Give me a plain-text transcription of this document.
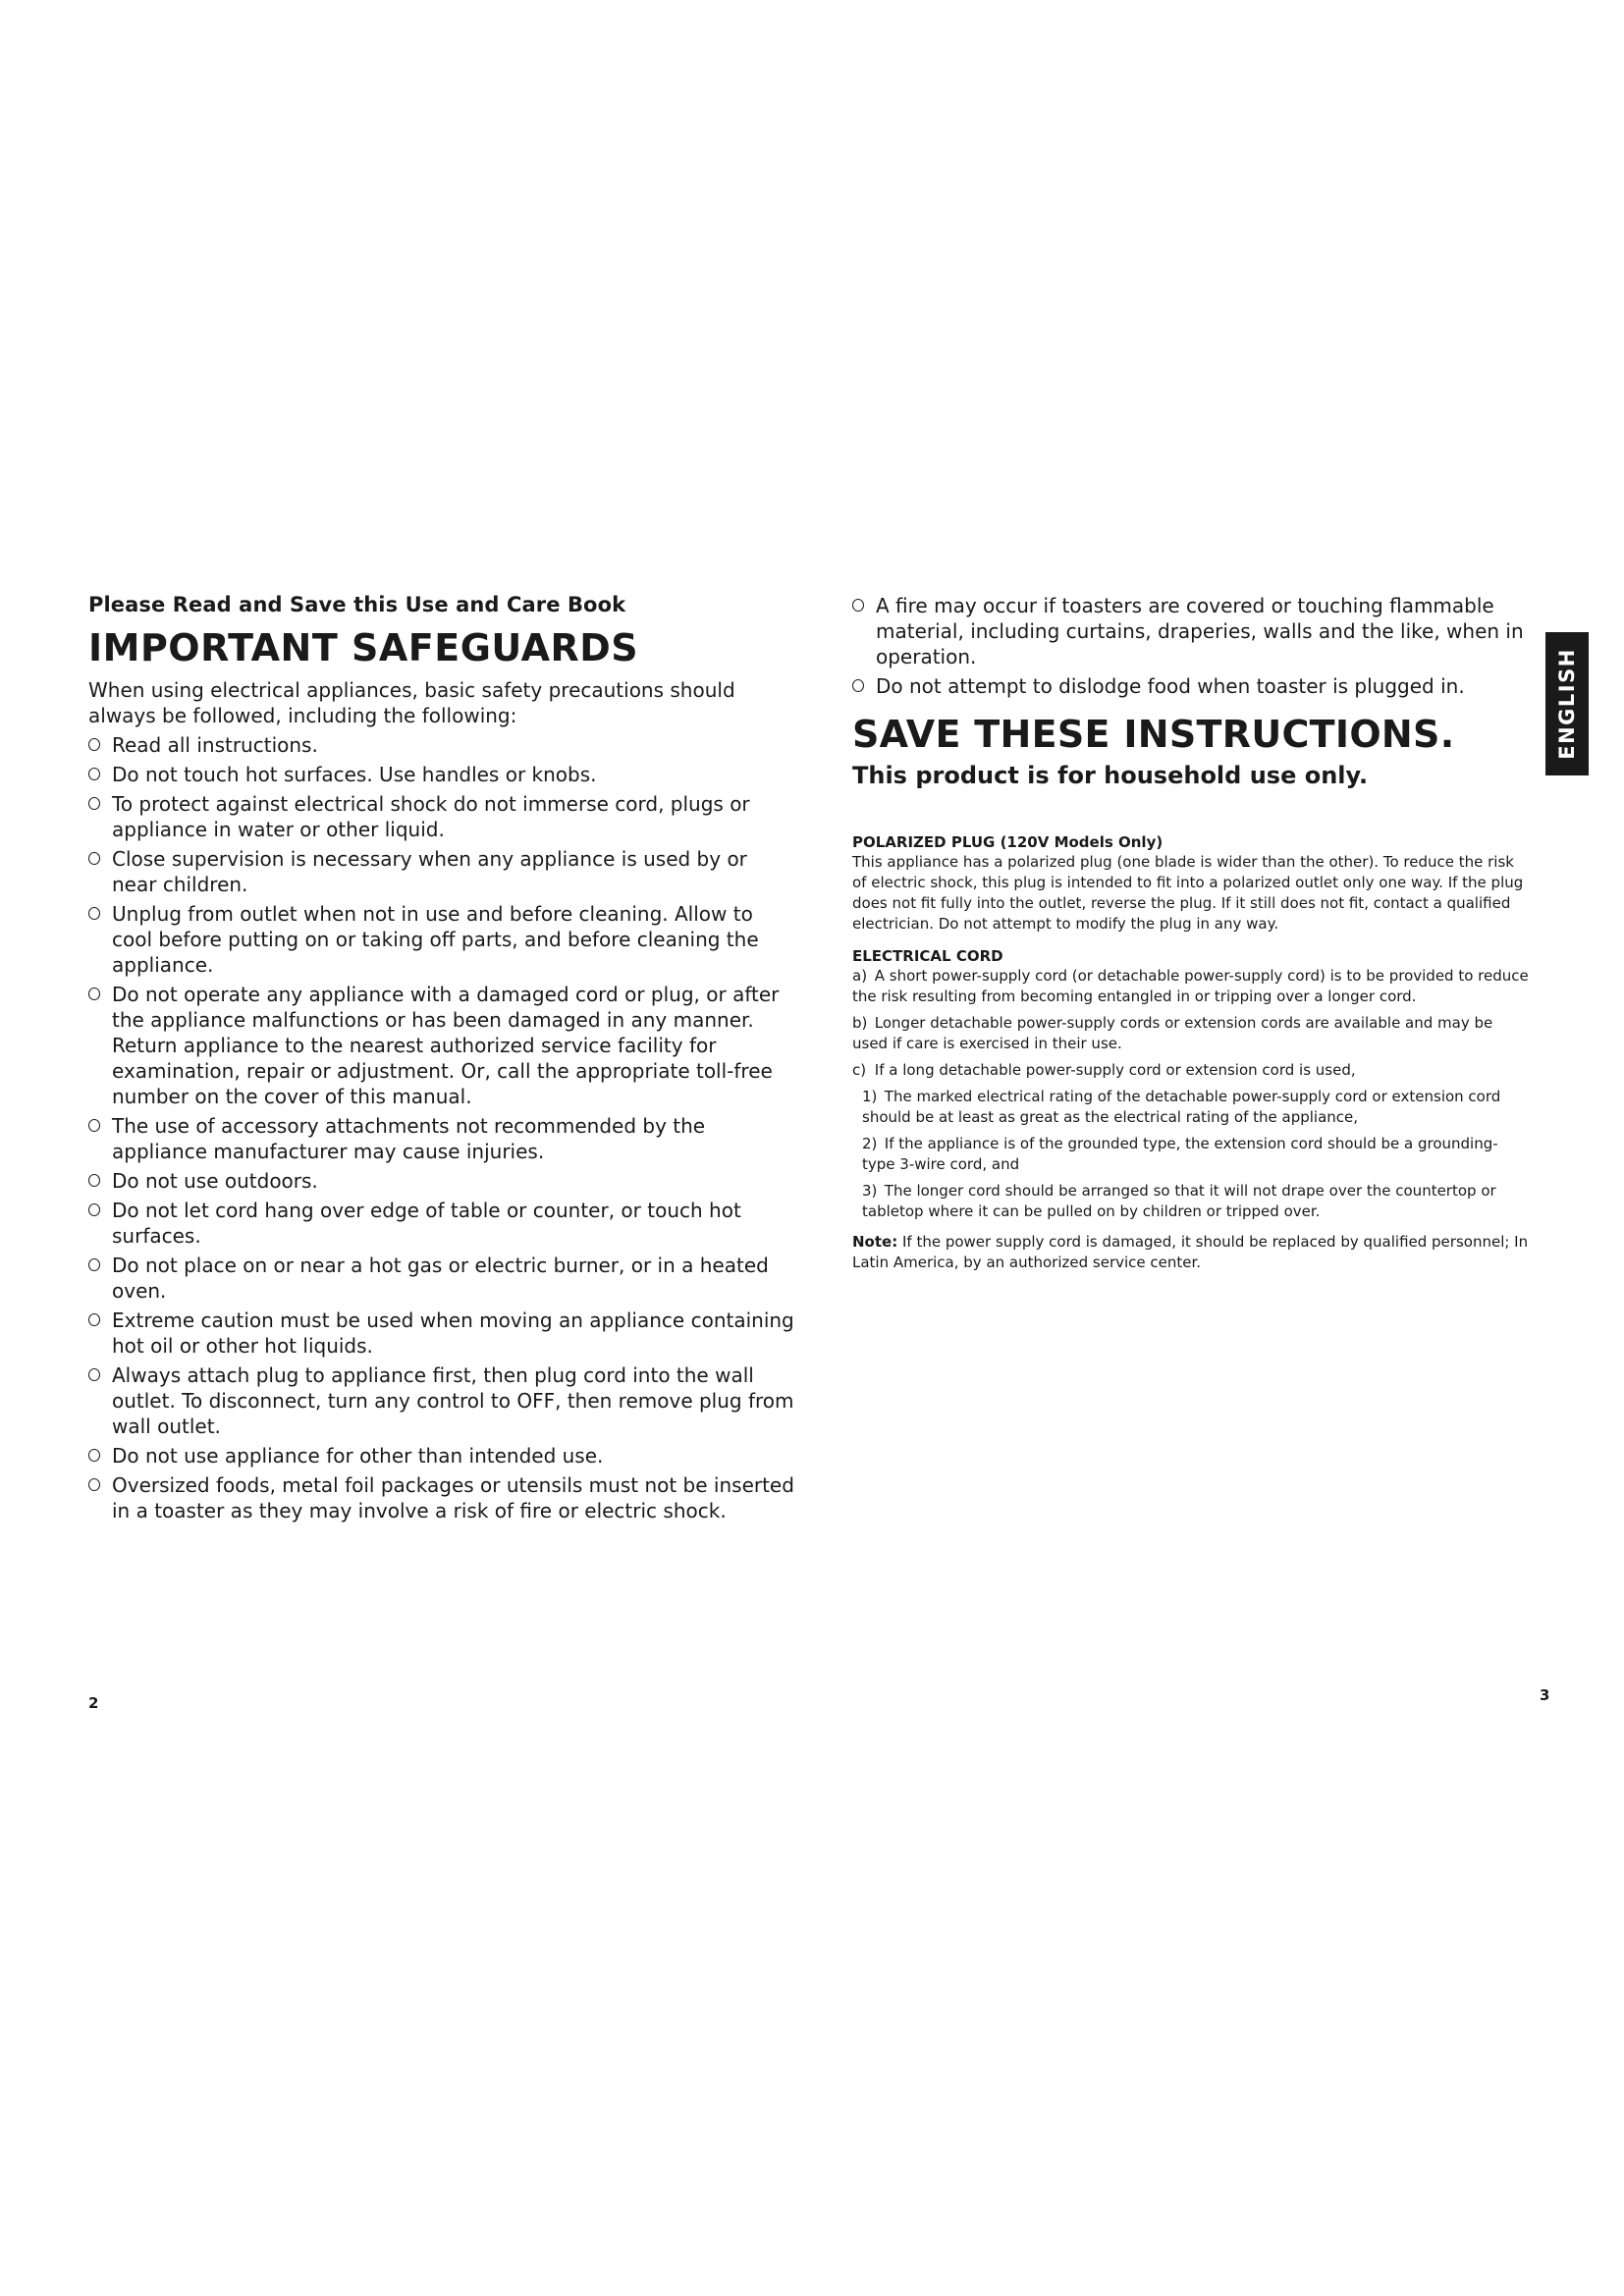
Please Read and Save this Use and Care Book

IMPORTANT SAFEGUARDS

When using electrical appliances, basic safety precautions should always be followed, including the following:

Read all instructions.
Do not touch hot surfaces. Use handles or knobs.
To protect against electrical shock do not immerse cord, plugs or appliance in water or other liquid.
Close supervision is necessary when any appliance is used by or near children.
Unplug from outlet when not in use and before cleaning. Allow to cool before putting on or taking off parts, and before cleaning the appliance.
Do not operate any appliance with a damaged cord or plug, or after the appliance malfunctions or has been damaged in any manner. Return appliance to the nearest authorized service facility for examination, repair or adjustment. Or, call the appropriate toll-free number on the cover of this manual.
The use of accessory attachments not recommended by the appliance manufacturer may cause injuries.
Do not use outdoors.
Do not let cord hang over edge of table or counter, or touch hot surfaces.
Do not place on or near a hot gas or electric burner, or in a heated oven.
Extreme caution must be used when moving an appliance containing hot oil or other hot liquids.
Always attach plug to appliance first, then plug cord into the wall outlet. To disconnect, turn any control to OFF, then remove plug from wall outlet.
Do not use appliance for other than intended use.
Oversized foods, metal foil packages or utensils must not be inserted in a toaster as they may involve a risk of fire or electric shock.
2
A fire may occur if toasters are covered or touching flammable material, including curtains, draperies, walls and the like, when in operation.
Do not attempt to dislodge food when toaster is plugged in.
SAVE THESE INSTRUCTIONS.

This product is for household use only.

POLARIZED PLUG (120V Models Only)

This appliance has a polarized plug (one blade is wider than the other). To reduce the risk of electric shock, this plug is intended to fit into a polarized outlet only one way. If the plug does not fit fully into the outlet, reverse the plug. If it still does not fit, contact a qualified electrician. Do not attempt to modify the plug in any way.

ELECTRICAL CORD

a) A short power-supply cord (or detachable power-supply cord) is to be provided to reduce the risk resulting from becoming entangled in or tripping over a longer cord.
b) Longer detachable power-supply cords or extension cords are available and may be used if care is exercised in their use.
c) If a long detachable power-supply cord or extension cord is used,
1) The marked electrical rating of the detachable power-supply cord or extension cord should be at least as great as the electrical rating of the appliance,
2) If the appliance is of the grounded type, the extension cord should be a grounding-type 3-wire cord, and
3) The longer cord should be arranged so that it will not drape over the countertop or tabletop where it can be pulled on by children or tripped over.

Note: If the power supply cord is damaged, it should be replaced by qualified personnel; In Latin America, by an authorized service center.

3
ENGLISH
